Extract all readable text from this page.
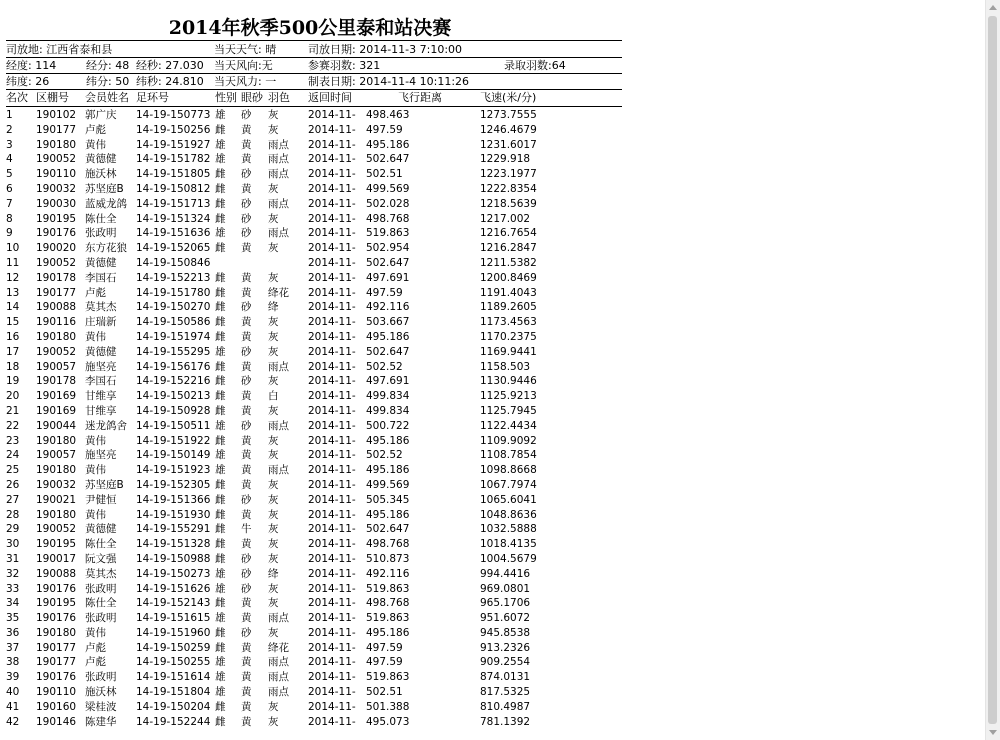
2014年秋季500公里泰和站决赛
司放地: 江西省泰和县	当天天气: 晴	司放日期: 2014-11-3 7:10:00
经度: 114	经分: 48 经秒: 27.030 当天风向:无	参赛羽数: 321	录取羽数:64
纬度: 26	纬分: 50 纬秒: 24.810 当天风力: 一	制表日期: 2014-11-4 10:11:26
名次 区棚号 会员姓名 足环号	性别 眼砂 羽色 返回时间	飞行距离	飞速(米/分)
1 190102 郭广庆 14-19-150773 雄 砂 灰	2014-11- 498.463	1273.7555
2 190177 卢彪	14-19-150256 雌 黄 灰	2014-11- 497.59	1246.4679
3 190180 黄伟	14-19-151927 雄 黄 雨点 2014-11- 495.186	1231.6017
4 190052 黄德健 14-19-151782 雄 黄 雨点 2014-11- 502.647	1229.918
5 190110 施沃林 14-19-151805 雌 砂 雨点 2014-11- 502.51	1223.1977
6 190032 苏坚庭B 14-19-150812 雌 黄 灰	2014-11- 499.569	1222.8354
7 190030 蓝威龙鸽 14-19-151713 雌 砂 雨点 2014-11- 502.028	1218.5639
8 190195 陈仕全 14-19-151324 雌 砂 灰	2014-11- 498.768	1217.002
9 190176 张政明 14-19-151636 雄 砂 雨点 2014-11- 519.863	1216.7654
10 190020 东方花狼 14-19-152065 雌 黄 灰	2014-11- 502.954	1216.2847
11 190052 黄德健 14-19-150846	2014-11- 502.647	1211.5382
12 190178 李国石 14-19-152213 雌 黄 灰	2014-11- 497.691	1200.8469
13 190177 卢彪	14-19-151780 雌 黄 绛花 2014-11- 497.59	1191.4043
14 190088 莫其杰 14-19-150270 雌 砂 绛	2014-11- 492.116	1189.2605
15 190116 庄瑞新 14-19-150586 雌 黄 灰	2014-11- 503.667	1173.4563
16 190180 黄伟	14-19-151974 雌 黄 灰	2014-11- 495.186	1170.2375
17 190052 黄德健 14-19-155295 雄 砂 灰	2014-11- 502.647	1169.9441
18 190057 施坚亮 14-19-156176 雌 黄 雨点 2014-11- 502.52	1158.503
19 190178 李国石 14-19-152216 雌 砂 灰	2014-11- 497.691	1130.9446
20 190169 甘维享 14-19-150213 雌 黄 白	2014-11- 499.834	1125.9213
21 190169 甘维享 14-19-150928 雌 黄 灰	2014-11- 499.834	1125.7945
22 190044 迷龙鸽舍 14-19-150511 雄 砂 雨点 2014-11- 500.722	1122.4434
23 190180 黄伟	14-19-151922 雌 黄 灰	2014-11- 495.186	1109.9092
24 190057 施坚亮 14-19-150149 雄 黄 灰	2014-11- 502.52	1108.7854
25 190180 黄伟	14-19-151923 雄 黄 雨点 2014-11- 495.186	1098.8668
26 190032 苏坚庭B 14-19-152305 雌 黄 灰	2014-11- 499.569	1067.7974
27 190021 尹健恒 14-19-151366 雌 砂 灰	2014-11- 505.345	1065.6041
28 190180 黄伟	14-19-151930 雌 黄 灰	2014-11- 495.186	1048.8636
29 190052 黄德健 14-19-155291 雌 牛 灰	2014-11- 502.647	1032.5888
30 190195 陈仕全 14-19-151328 雌 黄 灰	2014-11- 498.768	1018.4135
31 190017 阮文强 14-19-150988 雌 砂 灰	2014-11- 510.873	1004.5679
32 190088 莫其杰 14-19-150273 雄 砂 绛	2014-11- 492.116	994.4416
33 190176 张政明 14-19-151626 雄 砂 灰	2014-11- 519.863	969.0801
34 190195 陈仕全 14-19-152143 雌 黄 灰	2014-11- 498.768	965.1706
35 190176 张政明 14-19-151615 雄 黄 雨点 2014-11- 519.863	951.6072
36 190180 黄伟	14-19-151960 雌 砂 灰	2014-11- 495.186	945.8538
37 190177 卢彪	14-19-150259 雌 黄 绛花 2014-11- 497.59	913.2326
38 190177 卢彪	14-19-150255 雄 黄 雨点 2014-11- 497.59	909.2554
39 190176 张政明 14-19-151614 雄 黄 雨点 2014-11- 519.863	874.0131
40 190110 施沃林 14-19-151804 雄 黄 雨点 2014-11- 502.51	817.5325
41 190160 梁桂波 14-19-150204 雌 黄 灰	2014-11- 501.388	810.4987
42 190146 陈建华 14-19-152244 雌 黄 灰	2014-11- 495.073	781.1392
